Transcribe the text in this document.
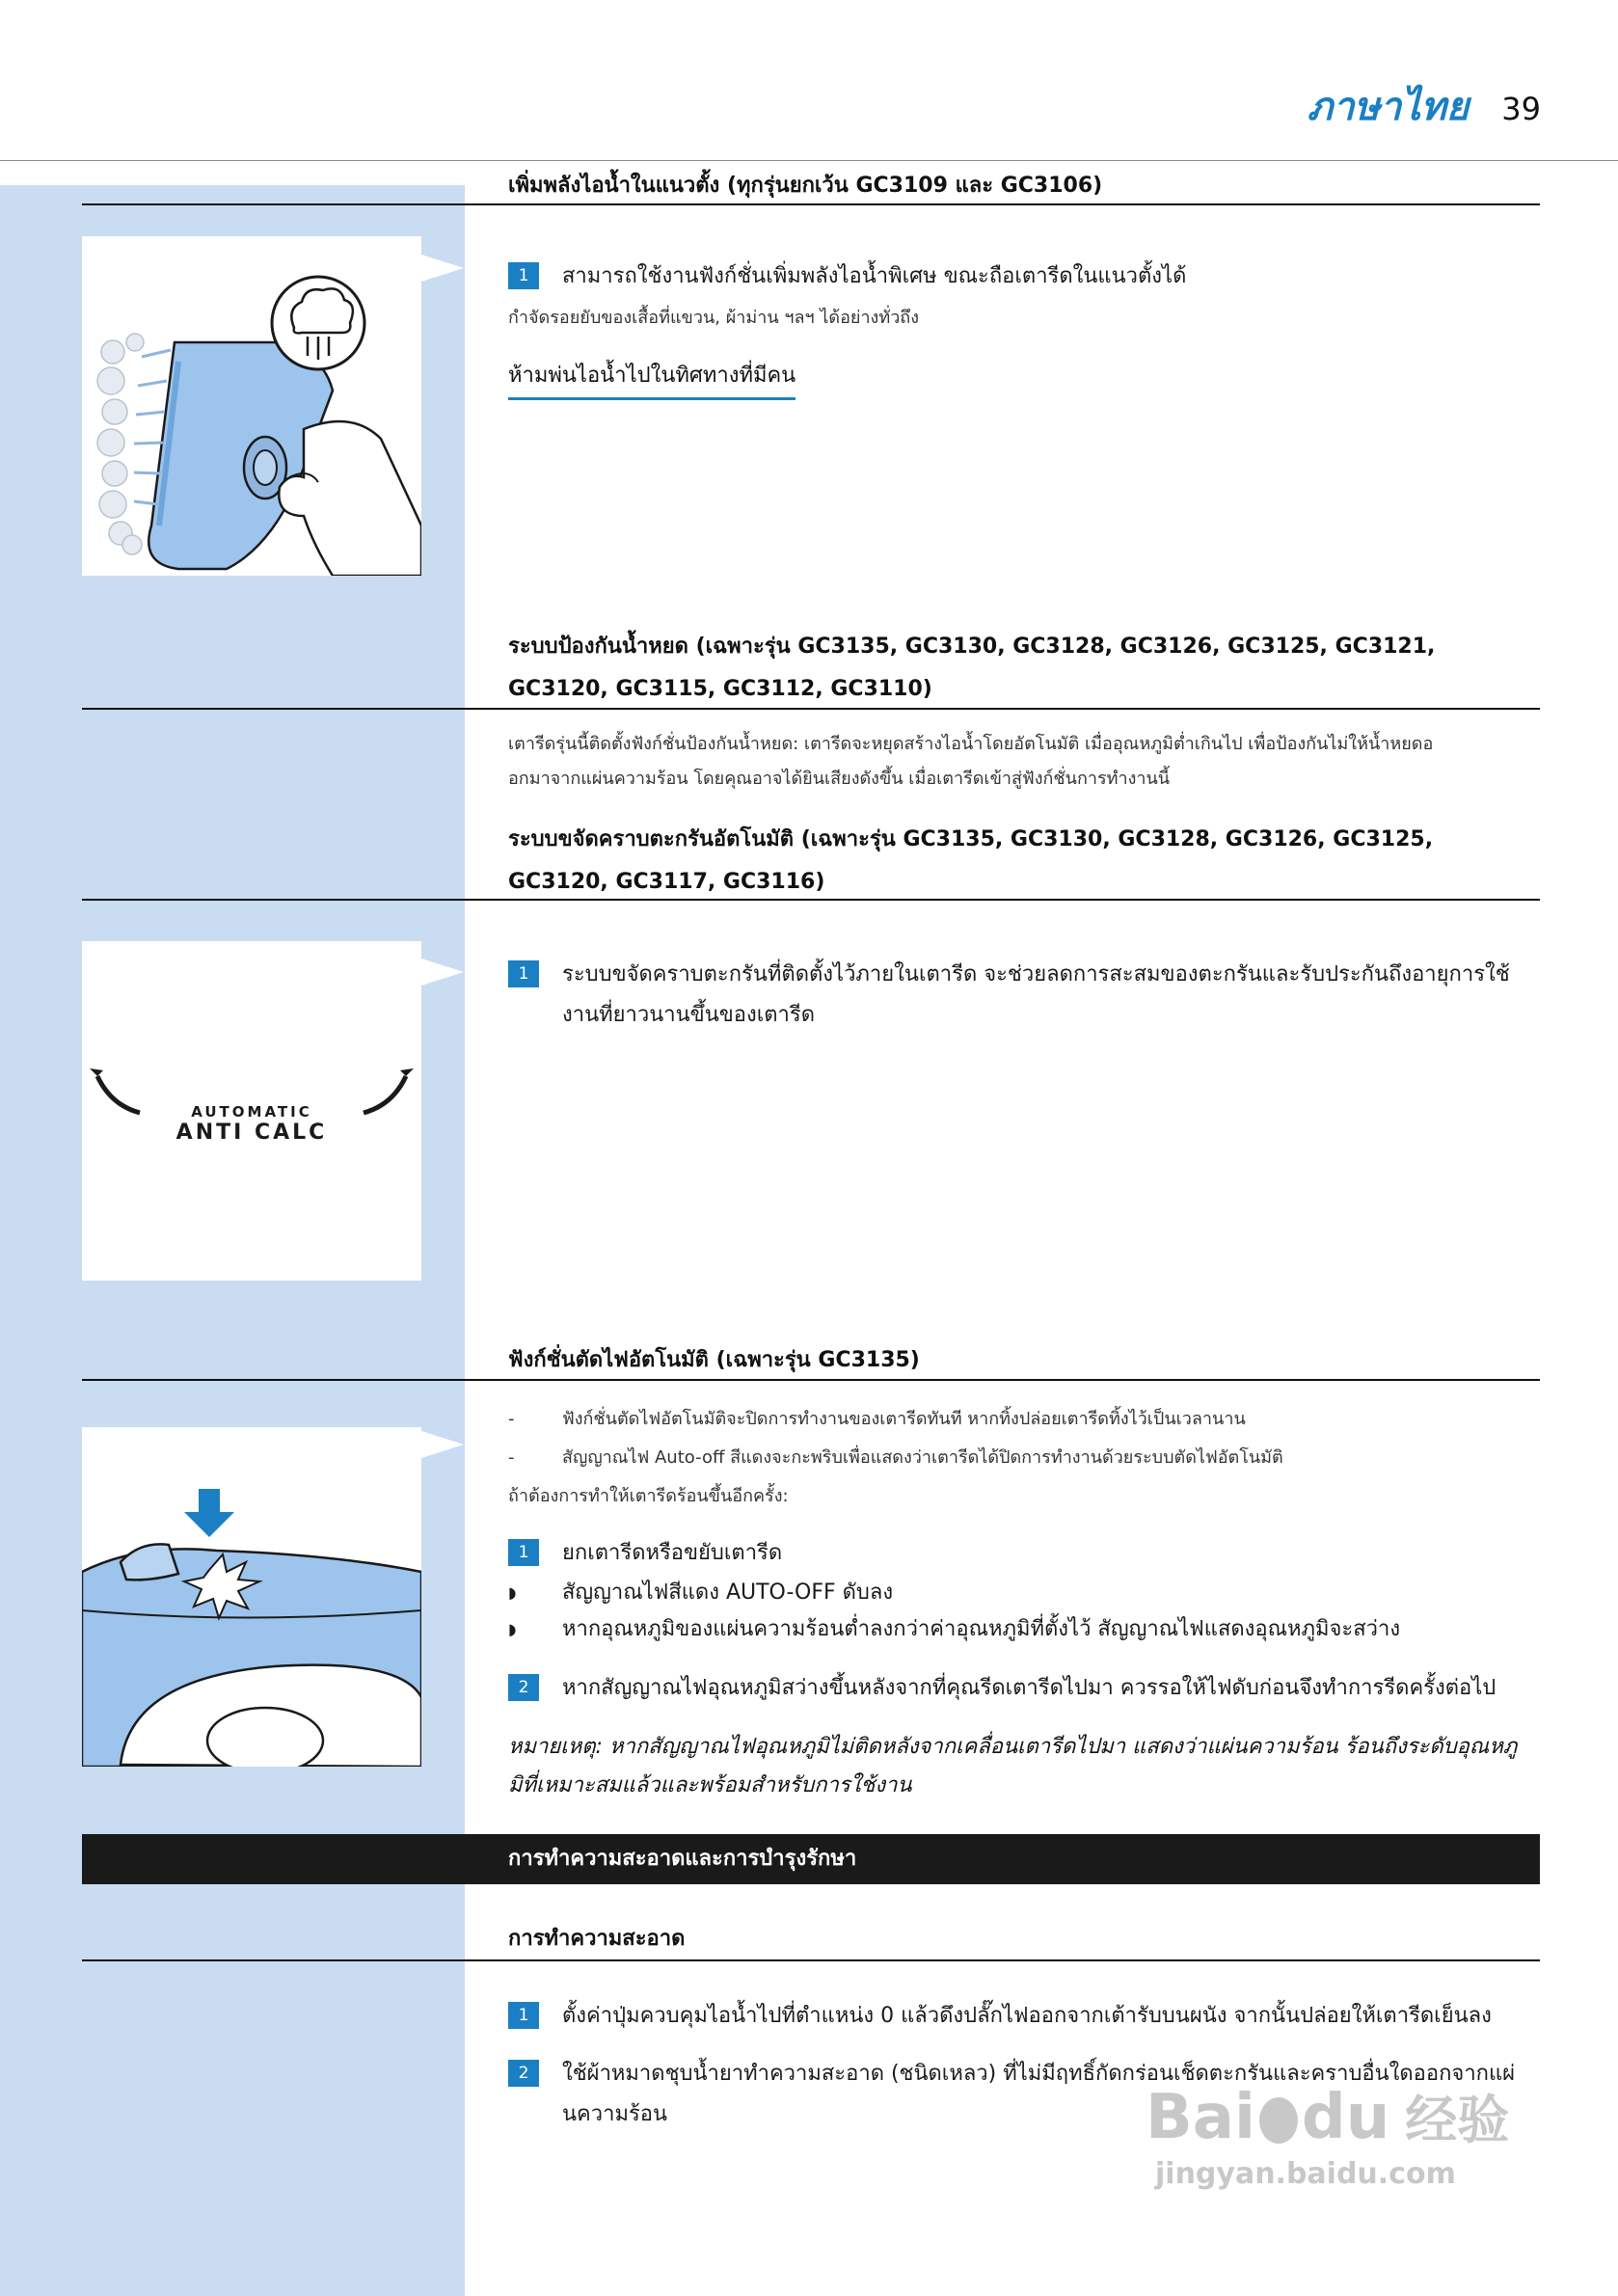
ภาษาไทย 39
เพิ่มพลังไอน้ำในแนวตั้ง (ทุกรุ่นยกเว้น GC3109 และ GC3106)
1	สามารถใช้งานฟังก์ชั่นเพิ่มพลังไอน้ำพิเศษ ขณะถือเตารีดในแนวตั้งได้
กำจัดรอยยับของเสื้อที่แขวน, ผ้าม่าน ฯลฯ ได้อย่างทั่วถึง
ห้ามพ่นไอน้ำไปในทิศทางที่มีคน
ระบบป้องกันน้ำหยด (เฉพาะรุ่น GC3135, GC3130, GC3128, GC3126, GC3125, GC3121,
GC3120, GC3115, GC3112, GC3110)
เตารีดรุ่นนี้ติดตั้งฟังก์ชั่นป้องกันน้ำหยด: เตารีดจะหยุดสร้างไอน้ำโดยอัตโนมัติ เมื่ออุณหภูมิต่ำเกินไป เพื่อป้องกันไม่ให้น้ำหยดอ
อกมาจากแผ่นความร้อน โดยคุณอาจได้ยินเสียงดังขึ้น เมื่อเตารีดเข้าสู่ฟังก์ชั่นการทำงานนี้
ระบบขจัดคราบตะกรันอัตโนมัติ (เฉพาะรุ่น GC3135, GC3130, GC3128, GC3126, GC3125,
GC3120, GC3117, GC3116)
AUTOMATIC
ANTI CALC
1	ระบบขจัดคราบตะกรันที่ติดตั้งไว้ภายในเตารีด จะช่วยลดการสะสมของตะกรันและรับประกันถึงอายุการใช้
งานที่ยาวนานขึ้นของเตารีด
ฟังก์ชั่นตัดไฟอัตโนมัติ (เฉพาะรุ่น GC3135)
-	ฟังก์ชั่นตัดไฟอัตโนมัติจะปิดการทำงานของเตารีดทันที หากทิ้งปล่อยเตารีดทิ้งไว้เป็นเวลานาน
-	สัญญาณไฟ Auto-off สีแดงจะกะพริบเพื่อแสดงว่าเตารีดได้ปิดการทำงานด้วยระบบตัดไฟอัตโนมัติ
ถ้าต้องการทำให้เตารีดร้อนขึ้นอีกครั้ง:
1	ยกเตารีดหรือขยับเตารีด
◗	สัญญาณไฟสีแดง AUTO-OFF ดับลง
◗	หากอุณหภูมิของแผ่นความร้อนต่ำลงกว่าค่าอุณหภูมิที่ตั้งไว้ สัญญาณไฟแสดงอุณหภูมิจะสว่าง
2	หากสัญญาณไฟอุณหภูมิสว่างขึ้นหลังจากที่คุณรีดเตารีดไปมา ควรรอให้ไฟดับก่อนจึงทำการรีดครั้งต่อไป
หมายเหตุ: หากสัญญาณไฟอุณหภูมิไม่ติดหลังจากเคลื่อนเตารีดไปมา แสดงว่าแผ่นความร้อน ร้อนถึงระดับอุณหภู
มิที่เหมาะสมแล้วและพร้อมสำหรับการใช้งาน
การทำความสะอาดและการบำรุงรักษา
การทำความสะอาด
1	ตั้งค่าปุ่มควบคุมไอน้ำไปที่ตำแหน่ง 0 แล้วดึงปลั๊กไฟออกจากเต้ารับบนผนัง จากนั้นปล่อยให้เตารีดเย็นลง
2	ใช้ผ้าหมาดชุบน้ำยาทำความสะอาด (ชนิดเหลว) ที่ไม่มีฤทธิ์กัดกร่อนเช็ดตะกรันและคราบอื่นใดออกจากแผ่
นความร้อน	Bai du 经验
jingyan.baidu.com
